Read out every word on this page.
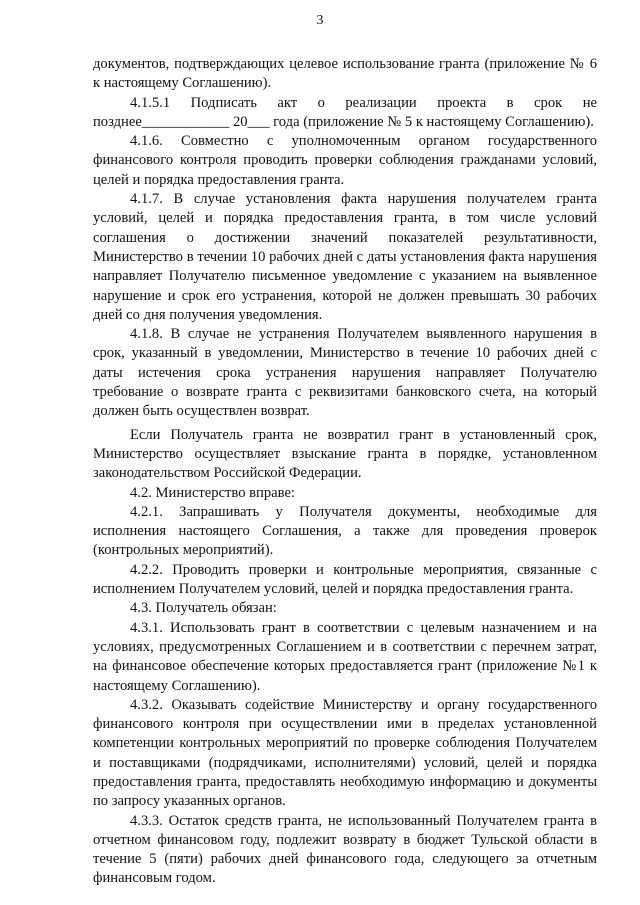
3

документов, подтверждающих целевое использование гранта (приложение № 6 к настоящему Соглашению).

4.1.5.1 Подписать акт о реализации проекта в срок не позднее____________ 20___ года (приложение № 5 к настоящему Соглашению).

4.1.6. Совместно с уполномоченным органом государственного финансового контроля проводить проверки соблюдения гражданами условий, целей и порядка предоставления гранта.

4.1.7. В случае установления факта нарушения получателем гранта условий, целей и порядка предоставления гранта, в том числе условий соглашения о достижении значений показателей результативности, Министерство в течении 10 рабочих дней с даты установления факта нарушения направляет Получателю письменное уведомление с указанием на выявленное нарушение и срок его устранения, которой не должен превышать 30 рабочих дней со дня получения уведомления.

4.1.8. В случае не устранения Получателем выявленного нарушения в срок, указанный в уведомлении, Министерство в течение 10 рабочих дней с даты истечения срока устранения нарушения направляет Получателю требование о возврате гранта с реквизитами банковского счета, на который должен быть осуществлен возврат.

Если Получатель гранта не возвратил грант в установленный срок, Министерство осуществляет взыскание гранта в порядке, установленном законодательством Российской Федерации.

4.2. Министерство вправе:

4.2.1. Запрашивать у Получателя документы, необходимые для исполнения настоящего Соглашения, а также для проведения проверок (контрольных мероприятий).

4.2.2. Проводить проверки и контрольные мероприятия, связанные с исполнением Получателем условий, целей и порядка предоставления гранта.

4.3. Получатель обязан:

4.3.1. Использовать грант в соответствии с целевым назначением и на условиях, предусмотренных Соглашением и в соответствии с перечнем затрат, на финансовое обеспечение которых предоставляется грант (приложение №1 к настоящему Соглашению).

4.3.2. Оказывать содействие Министерству и органу государственного финансового контроля при осуществлении ими в пределах установленной компетенции контрольных мероприятий по проверке соблюдения Получателем и поставщиками (подрядчиками, исполнителями) условий, целей и порядка предоставления гранта, предоставлять необходимую информацию и документы по запросу указанных органов.

4.3.3. Остаток средств гранта, не использованный Получателем гранта в отчетном финансовом году, подлежит возврату в бюджет Тульской области в течение 5 (пяти) рабочих дней финансового года, следующего за отчетным финансовым годом.
